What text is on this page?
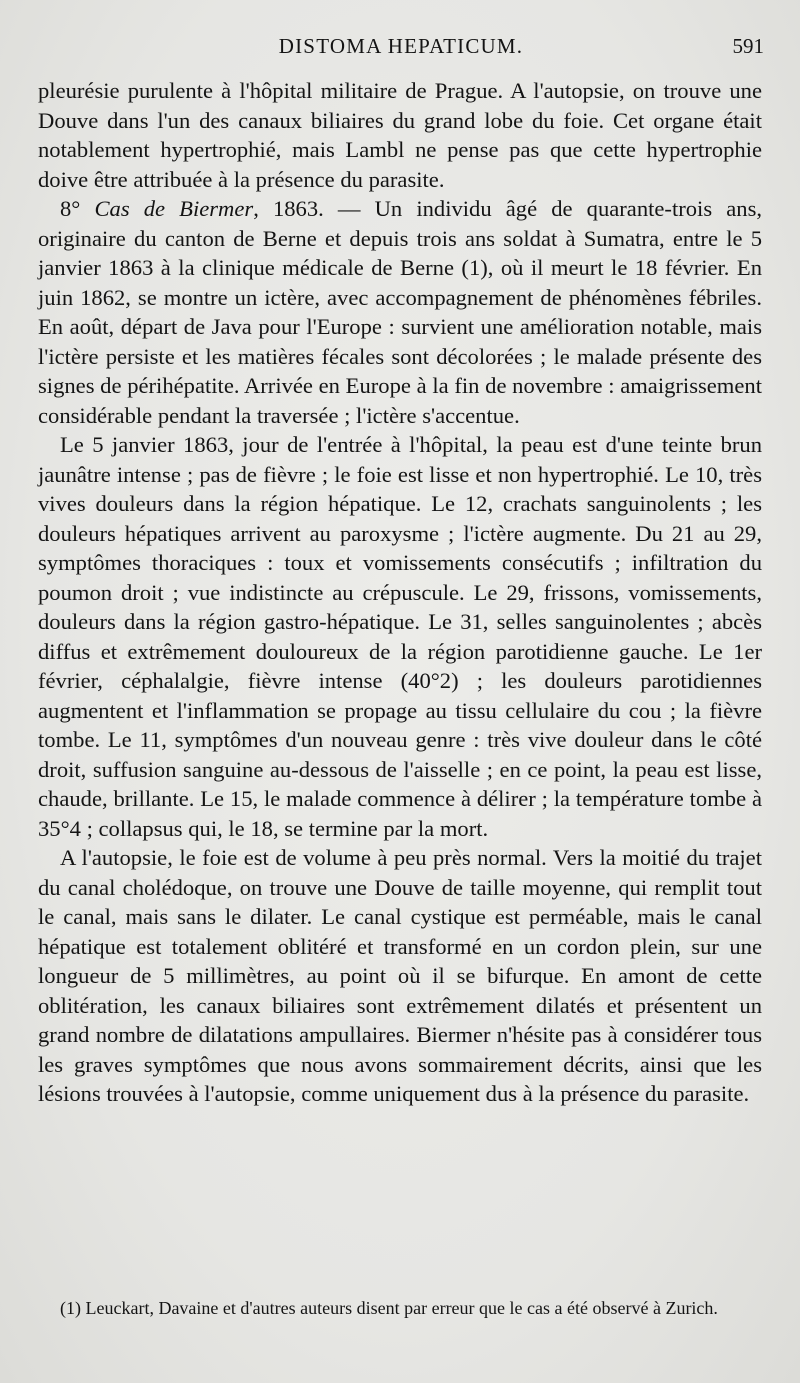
DISTOMA HEPATICUM.	591

pleurésie purulente à l'hôpital militaire de Prague. A l'autopsie, on trouve une Douve dans l'un des canaux biliaires du grand lobe du foie. Cet organe était notablement hypertrophié, mais Lambl ne pense pas que cette hypertrophie doive être attribuée à la présence du parasite.

8° Cas de Biermer, 1863. — Un individu âgé de quarante-trois ans, originaire du canton de Berne et depuis trois ans soldat à Sumatra, entre le 5 janvier 1863 à la clinique médicale de Berne (1), où il meurt le 18 février. En juin 1862, se montre un ictère, avec accompagnement de phénomènes fébriles. En août, départ de Java pour l'Europe : survient une amélioration notable, mais l'ictère persiste et les matières fécales sont décolorées ; le malade présente des signes de périhépatite. Arrivée en Europe à la fin de novembre : amaigrissement considérable pendant la traversée ; l'ictère s'accentue.

Le 5 janvier 1863, jour de l'entrée à l'hôpital, la peau est d'une teinte brun jaunâtre intense ; pas de fièvre ; le foie est lisse et non hypertrophié. Le 10, très vives douleurs dans la région hépatique. Le 12, crachats sanguinolents ; les douleurs hépatiques arrivent au paroxysme ; l'ictère augmente. Du 21 au 29, symptômes thoraciques : toux et vomissements consécutifs ; infiltration du poumon droit ; vue indistincte au crépuscule. Le 29, frissons, vomissements, douleurs dans la région gastro-hépatique. Le 31, selles sanguinolentes ; abcès diffus et extrêmement douloureux de la région parotidienne gauche. Le 1er février, céphalalgie, fièvre intense (40°2) ; les douleurs parotidiennes augmentent et l'inflammation se propage au tissu cellulaire du cou ; la fièvre tombe. Le 11, symptômes d'un nouveau genre : très vive douleur dans le côté droit, suffusion sanguine au-dessous de l'aisselle ; en ce point, la peau est lisse, chaude, brillante. Le 15, le malade commence à délirer ; la température tombe à 35°4 ; collapsus qui, le 18, se termine par la mort.

A l'autopsie, le foie est de volume à peu près normal. Vers la moitié du trajet du canal cholédoque, on trouve une Douve de taille moyenne, qui remplit tout le canal, mais sans le dilater. Le canal cystique est perméable, mais le canal hépatique est totalement oblitéré et transformé en un cordon plein, sur une longueur de 5 millimètres, au point où il se bifurque. En amont de cette oblitération, les canaux biliaires sont extrêmement dilatés et présentent un grand nombre de dilatations ampullaires. Biermer n'hésite pas à considérer tous les graves symptômes que nous avons sommairement décrits, ainsi que les lésions trouvées à l'autopsie, comme uniquement dus à la présence du parasite.

(1) Leuckart, Davaine et d'autres auteurs disent par erreur que le cas a été observé à Zurich.
